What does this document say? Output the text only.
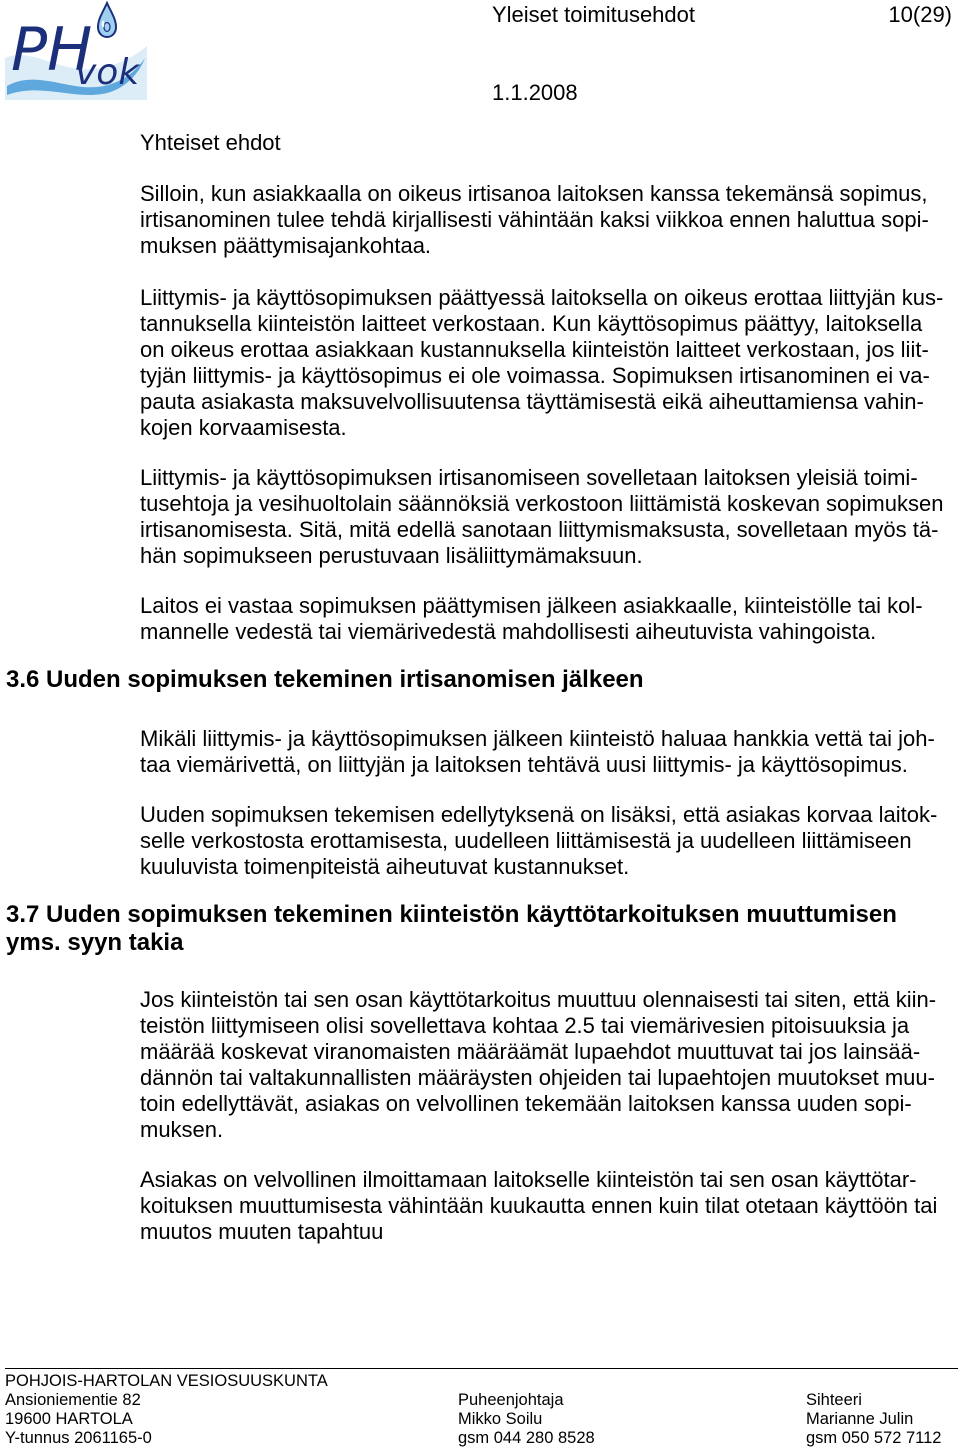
PH
vok
Yleiset toimitusehdot	10(29)
1.1.2008
Yhteiset ehdot
Silloin, kun asiakkaalla on oikeus irtisanoa laitoksen kanssa tekemänsä sopimus,
irtisanominen tulee tehdä kirjallisesti vähintään kaksi viikkoa ennen haluttua sopi-
muksen päättymisajankohtaa.
Liittymis- ja käyttösopimuksen päättyessä laitoksella on oikeus erottaa liittyjän kus-
tannuksella kiinteistön laitteet verkostaan. Kun käyttösopimus päättyy, laitoksella
on oikeus erottaa asiakkaan kustannuksella kiinteistön laitteet verkostaan, jos liit-
tyjän liittymis- ja käyttösopimus ei ole voimassa. Sopimuksen irtisanominen ei va-
pauta asiakasta maksuvelvollisuutensa täyttämisestä eikä aiheuttamiensa vahin-
kojen korvaamisesta.
Liittymis- ja käyttösopimuksen irtisanomiseen sovelletaan laitoksen yleisiä toimi-
tusehtoja ja vesihuoltolain säännöksiä verkostoon liittämistä koskevan sopimuksen
irtisanomisesta. Sitä, mitä edellä sanotaan liittymismaksusta, sovelletaan myös tä-
hän sopimukseen perustuvaan lisäliittymämaksuun.
Laitos ei vastaa sopimuksen päättymisen jälkeen asiakkaalle, kiinteistölle tai kol-
mannelle vedestä tai viemärivedestä mahdollisesti aiheutuvista vahingoista.
3.6 Uuden sopimuksen tekeminen irtisanomisen jälkeen
Mikäli liittymis- ja käyttösopimuksen jälkeen kiinteistö haluaa hankkia vettä tai joh-
taa viemärivettä, on liittyjän ja laitoksen tehtävä uusi liittymis- ja käyttösopimus.
Uuden sopimuksen tekemisen edellytyksenä on lisäksi, että asiakas korvaa laitok-
selle verkostosta erottamisesta, uudelleen liittämisestä ja uudelleen liittämiseen
kuuluvista toimenpiteistä aiheutuvat kustannukset.
3.7 Uuden sopimuksen tekeminen kiinteistön käyttötarkoituksen muuttumisen
yms. syyn takia
Jos kiinteistön tai sen osan käyttötarkoitus muuttuu olennaisesti tai siten, että kiin-
teistön liittymiseen olisi sovellettava kohtaa 2.5 tai viemärivesien pitoisuuksia ja
määrää koskevat viranomaisten määräämät lupaehdot muuttuvat tai jos lainsää-
dännön tai valtakunnallisten määräysten ohjeiden tai lupaehtojen muutokset muu-
toin edellyttävät, asiakas on velvollinen tekemään laitoksen kanssa uuden sopi-
muksen.
Asiakas on velvollinen ilmoittamaan laitokselle kiinteistön tai sen osan käyttötar-
koituksen muuttumisesta vähintään kuukautta ennen kuin tilat otetaan käyttöön tai
muutos muuten tapahtuu
POHJOIS-HARTOLAN VESIOSUUSKUNTA
Ansioniementie 82
19600 HARTOLA
Y-tunnus 2061165-0
Puheenjohtaja
Mikko Soilu
gsm 044 280 8528
Sihteeri
Marianne Julin
gsm 050 572 7112
